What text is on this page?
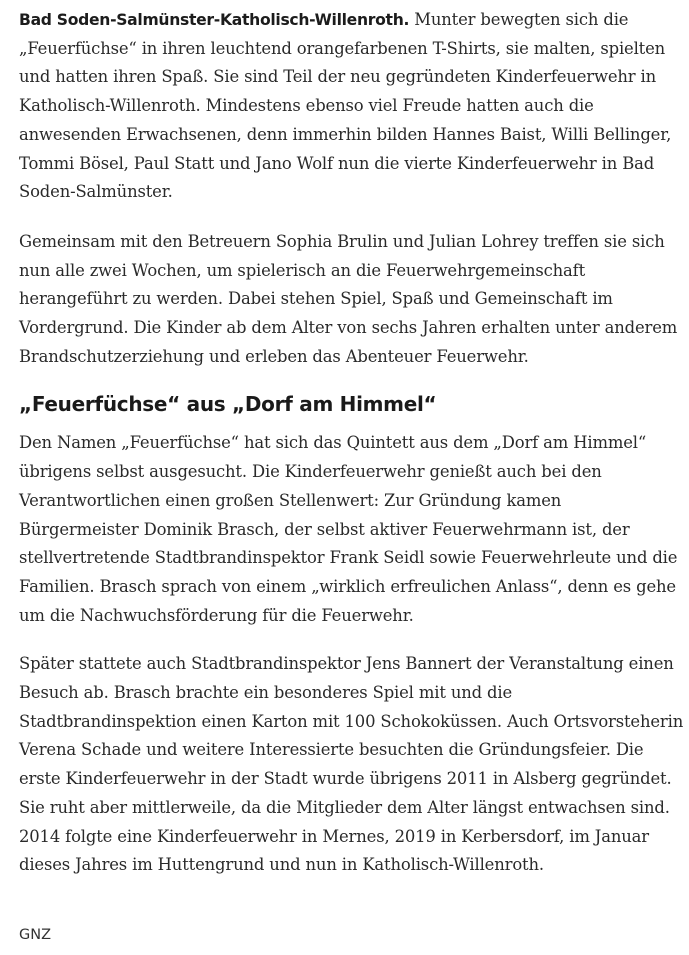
Bad Soden-Salmünster-Katholisch-Willenroth. Munter bewegten sich die „Feuerfüchse“ in ihren leuchtend orangefarbenen T-Shirts, sie malten, spielten und hatten ihren Spaß. Sie sind Teil der neu gegründeten Kinderfeuerwehr in Katholisch-Willenroth. Mindestens ebenso viel Freude hatten auch die anwesenden Erwachsenen, denn immerhin bilden Hannes Baist, Willi Bellinger, Tommi Bösel, Paul Statt und Jano Wolf nun die vierte Kinderfeuerwehr in Bad Soden-Salmünster.

Gemeinsam mit den Betreuern Sophia Brulin und Julian Lohrey treffen sie sich nun alle zwei Wochen, um spielerisch an die Feuerwehrgemeinschaft herangeführt zu werden. Dabei stehen Spiel, Spaß und Gemeinschaft im Vordergrund. Die Kinder ab dem Alter von sechs Jahren erhalten unter anderem Brandschutzerziehung und erleben das Abenteuer Feuerwehr.

„Feuerfüchse“ aus „Dorf am Himmel“

Den Namen „Feuerfüchse“ hat sich das Quintett aus dem „Dorf am Himmel“ übrigens selbst ausgesucht. Die Kinderfeuerwehr genießt auch bei den Verantwortlichen einen großen Stellenwert: Zur Gründung kamen Bürgermeister Dominik Brasch, der selbst aktiver Feuerwehrmann ist, der stellvertretende Stadtbrandinspektor Frank Seidl sowie Feuerwehrleute und die Familien. Brasch sprach von einem „wirklich erfreulichen Anlass“, denn es gehe um die Nachwuchsförderung für die Feuerwehr.

Später stattete auch Stadtbrandinspektor Jens Bannert der Veranstaltung einen Besuch ab. Brasch brachte ein besonderes Spiel mit und die Stadtbrandinspektion einen Karton mit 100 Schokoküssen. Auch Ortsvorsteherin Verena Schade und weitere Interessierte besuchten die Gründungsfeier. Die erste Kinderfeuerwehr in der Stadt wurde übrigens 2011 in Alsberg gegründet. Sie ruht aber mittlerweile, da die Mitglieder dem Alter längst entwachsen sind. 2014 folgte eine Kinderfeuerwehr in Mernes, 2019 in Kerbersdorf, im Januar dieses Jahres im Huttengrund und nun in Katholisch-Willenroth.

GNZ
